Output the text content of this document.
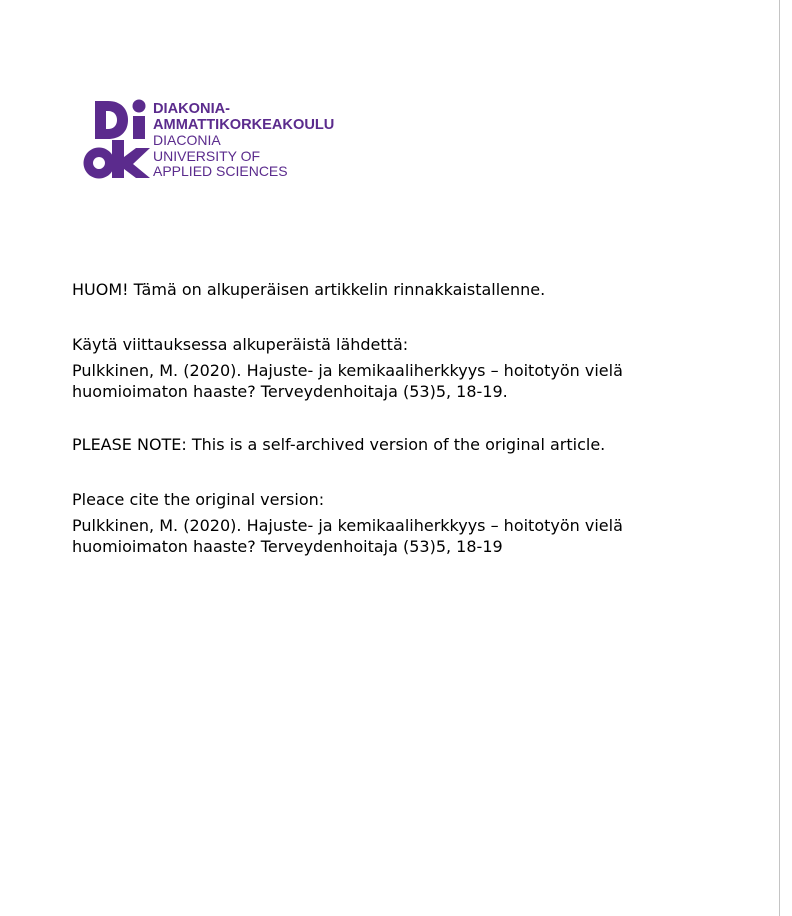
DIAKONIA-
AMMATTIKORKEAKOULU
DIACONIA
UNIVERSITY OF
APPLIED SCIENCES
HUOM! Tämä on alkuperäisen artikkelin rinnakkaistallenne.
Käytä viittauksessa alkuperäistä lähdettä:
Pulkkinen, M. (2020). Hajuste- ja kemikaaliherkkyys – hoitotyön vielä
huomioimaton haaste? Terveydenhoitaja (53)5, 18-19.
PLEASE NOTE: This is a self-archived version of the original article.
Pleace cite the original version:
Pulkkinen, M. (2020). Hajuste- ja kemikaaliherkkyys – hoitotyön vielä
huomioimaton haaste? Terveydenhoitaja (53)5, 18-19
